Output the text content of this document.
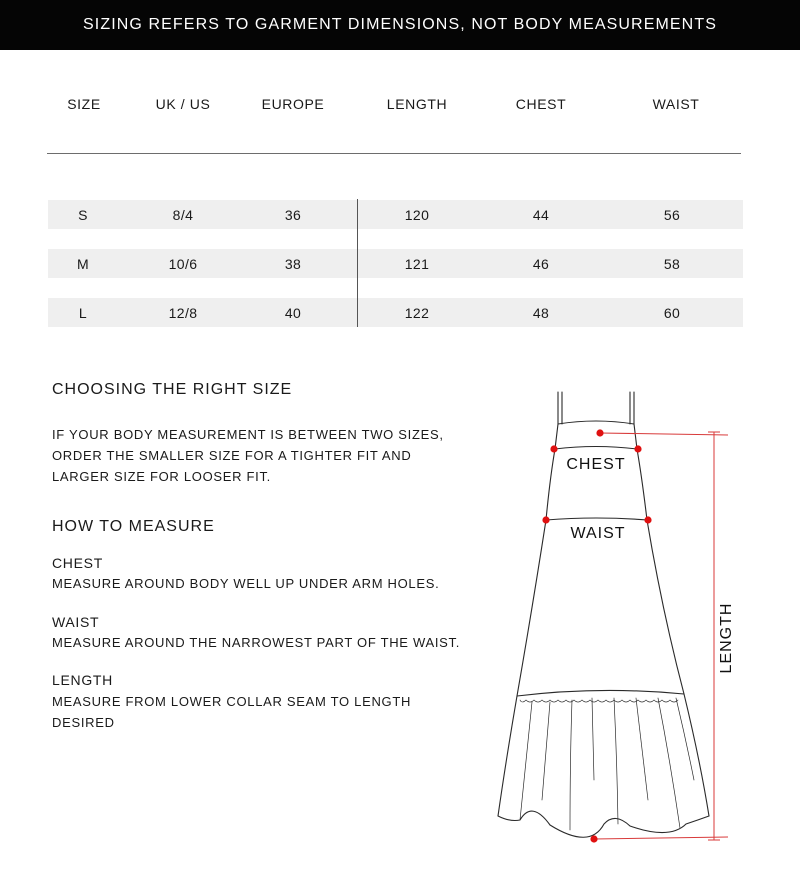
SIZING REFERS TO GARMENT DIMENSIONS, NOT BODY MEASUREMENTS
SIZE	UK / US	EUROPE	LENGTH	CHEST	WAIST
S	8/4	36	120	44	56
M	10/6	38	121	46	58
L	12/8	40	122	48	60
CHOOSING THE RIGHT SIZE
IF YOUR BODY MEASUREMENT IS BETWEEN TWO SIZES,
ORDER THE SMALLER SIZE FOR A TIGHTER FIT AND
LARGER SIZE FOR LOOSER FIT.
HOW TO MEASURE
CHEST
MEASURE AROUND BODY WELL UP UNDER ARM HOLES.
WAIST
MEASURE AROUND THE NARROWEST PART OF THE WAIST.
LENGTH
MEASURE FROM LOWER COLLAR SEAM TO LENGTH
DESIRED
CHEST
WAIST
LENGTH
